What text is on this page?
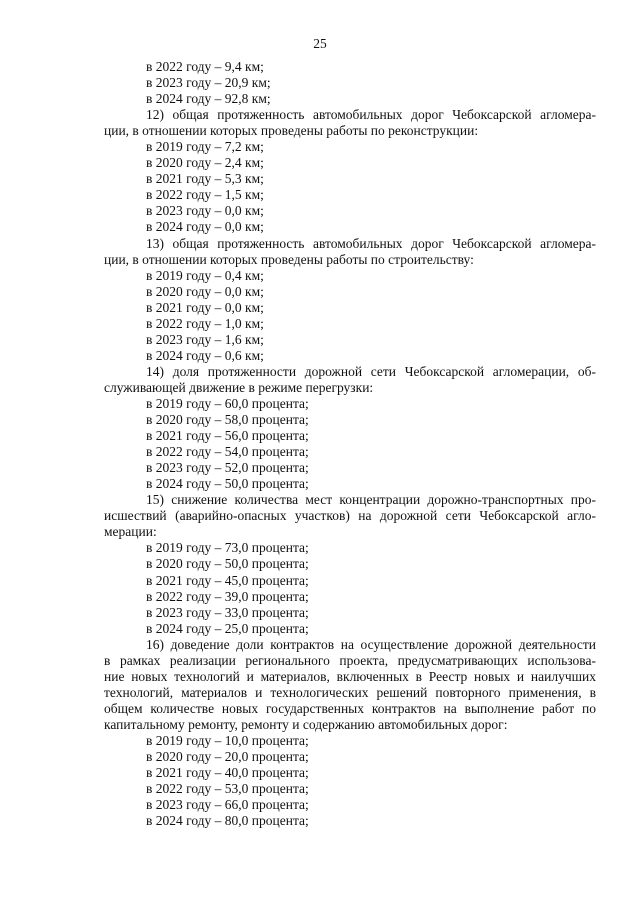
25
в 2022 году – 9,4 км;
в 2023 году – 20,9 км;
в 2024 году – 92,8 км;
12) общая протяженность автомобильных дорог Чебоксарской агломера-
ции, в отношении которых проведены работы по реконструкции:
в 2019 году – 7,2 км;
в 2020 году – 2,4 км;
в 2021 году – 5,3 км;
в 2022 году – 1,5 км;
в 2023 году – 0,0 км;
в 2024 году – 0,0 км;
13) общая протяженность автомобильных дорог Чебоксарской агломера-
ции, в отношении которых проведены работы по строительству:
в 2019 году – 0,4 км;
в 2020 году – 0,0 км;
в 2021 году – 0,0 км;
в 2022 году – 1,0 км;
в 2023 году – 1,6 км;
в 2024 году – 0,6 км;
14) доля протяженности дорожной сети Чебоксарской агломерации, об-
служивающей движение в режиме перегрузки:
в 2019 году – 60,0 процента;
в 2020 году – 58,0 процента;
в 2021 году – 56,0 процента;
в 2022 году – 54,0 процента;
в 2023 году – 52,0 процента;
в 2024 году – 50,0 процента;
15) снижение количества мест концентрации дорожно-транспортных про-
исшествий (аварийно-опасных участков) на дорожной сети Чебоксарской агло-
мерации:
в 2019 году – 73,0 процента;
в 2020 году – 50,0 процента;
в 2021 году – 45,0 процента;
в 2022 году – 39,0 процента;
в 2023 году – 33,0 процента;
в 2024 году – 25,0 процента;
16) доведение доли контрактов на осуществление дорожной деятельности
в рамках реализации регионального проекта, предусматривающих использова-
ние новых технологий и материалов, включенных в Реестр новых и наилучших
технологий, материалов и технологических решений повторного применения, в
общем количестве новых государственных контрактов на выполнение работ по
капитальному ремонту, ремонту и содержанию автомобильных дорог:
в 2019 году – 10,0 процента;
в 2020 году – 20,0 процента;
в 2021 году – 40,0 процента;
в 2022 году – 53,0 процента;
в 2023 году – 66,0 процента;
в 2024 году – 80,0 процента;
